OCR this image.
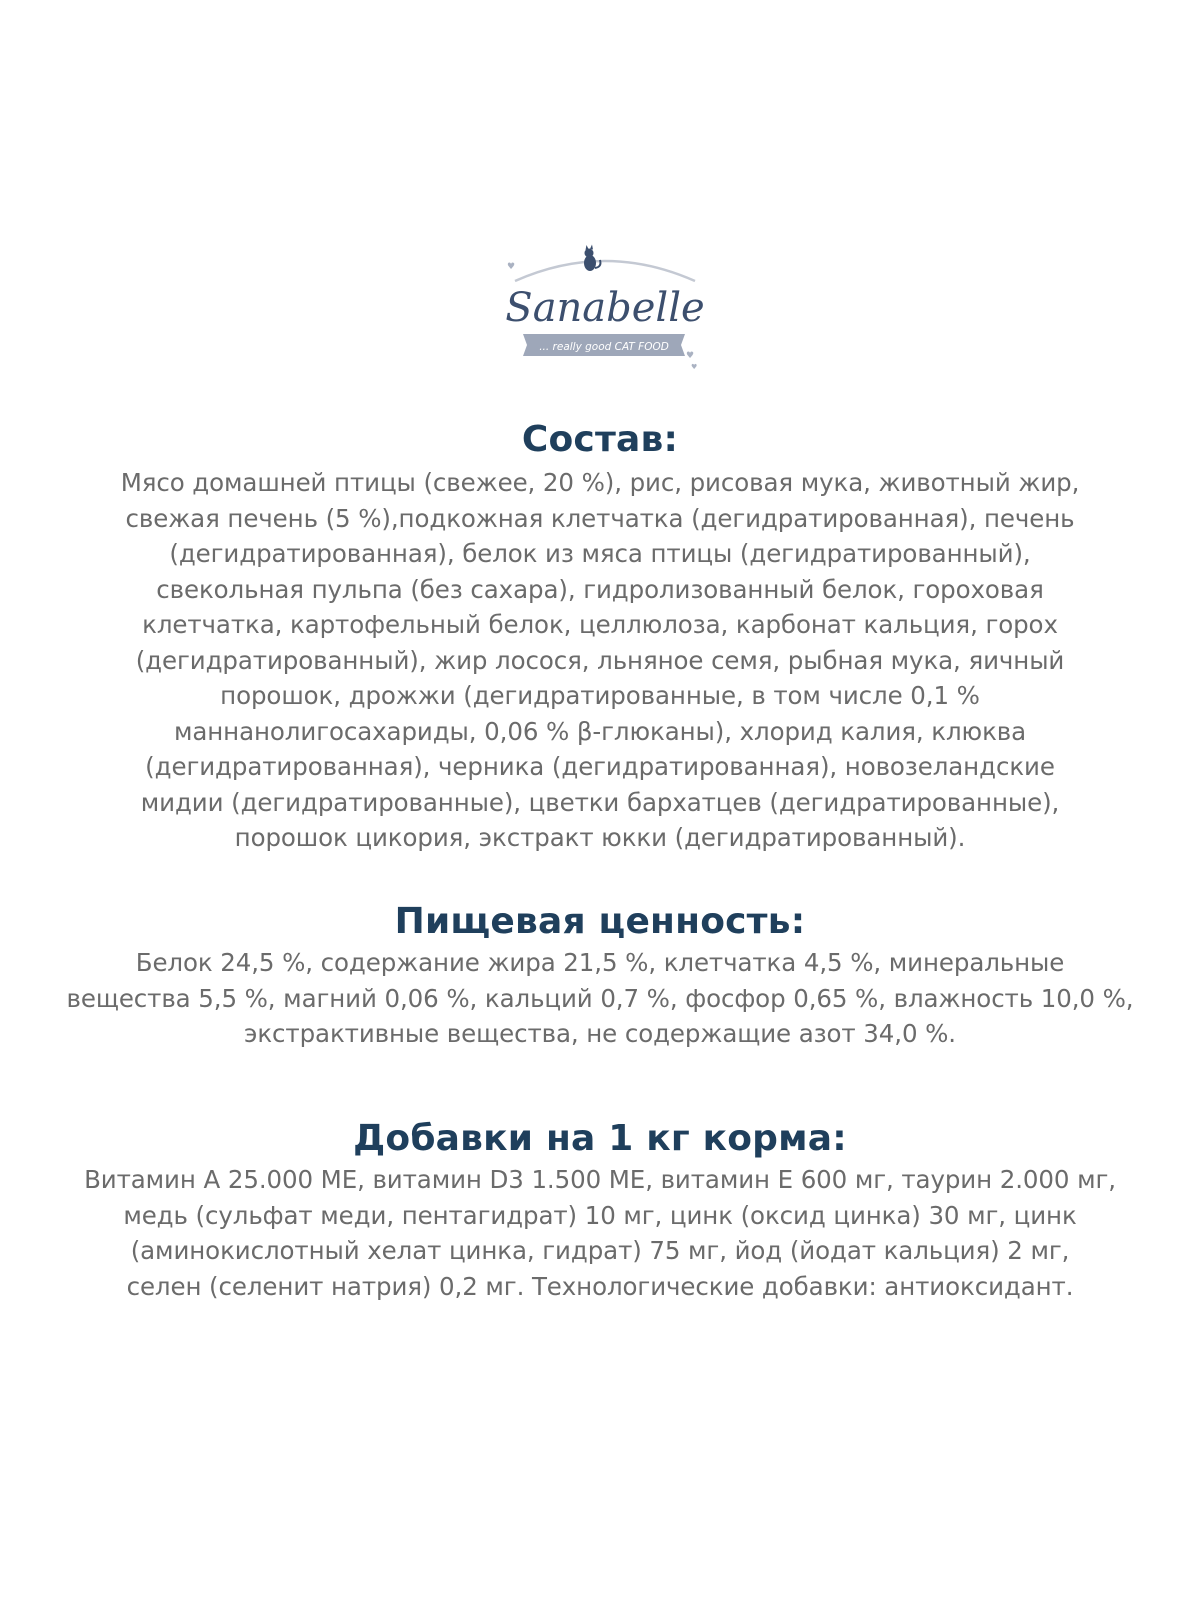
♥
♥
♥
Sanabelle
... really good CAT FOOD
Состав:

Мясо домашней птицы (свежее, 20 %), рис, рисовая мука, животный жир,
свежая печень (5 %),подкожная клетчатка (дегидратированная), печень
(дегидратированная), белок из мяса птицы (дегидратированный),
свекольная пульпа (без сахара), гидролизованный белок, гороховая
клетчатка, картофельный белок, целлюлоза, карбонат кальция, горох
(дегидратированный), жир лосося, льняное семя, рыбная мука, яичный
порошок, дрожжи (дегидратированные, в том числе 0,1 %
маннанолигосахариды, 0,06 % β-глюканы), хлорид калия, клюква
(дегидратированная), черника (дегидратированная), новозеландские
мидии (дегидратированные), цветки бархатцев (дегидратированные),
порошок цикория, экстракт юкки (дегидратированный).

Пищевая ценность:

Белок 24,5 %, содержание жира 21,5 %, клетчатка 4,5 %, минеральные
вещества 5,5 %, магний 0,06 %, кальций 0,7 %, фосфор 0,65 %, влажность 10,0 %,
экстрактивные вещества, не содержащие азот 34,0 %.

Добавки на 1 кг корма:

Витамин А 25.000 МЕ, витамин D3 1.500 МЕ, витамин Е 600 мг, таурин 2.000 мг,
медь (сульфат меди, пентагидрат) 10 мг, цинк (оксид цинка) 30 мг, цинк
(аминокислотный хелат цинка, гидрат) 75 мг, йод (йодат кальция) 2 мг,
селен (селенит натрия) 0,2 мг. Технологические добавки: антиоксидант.
